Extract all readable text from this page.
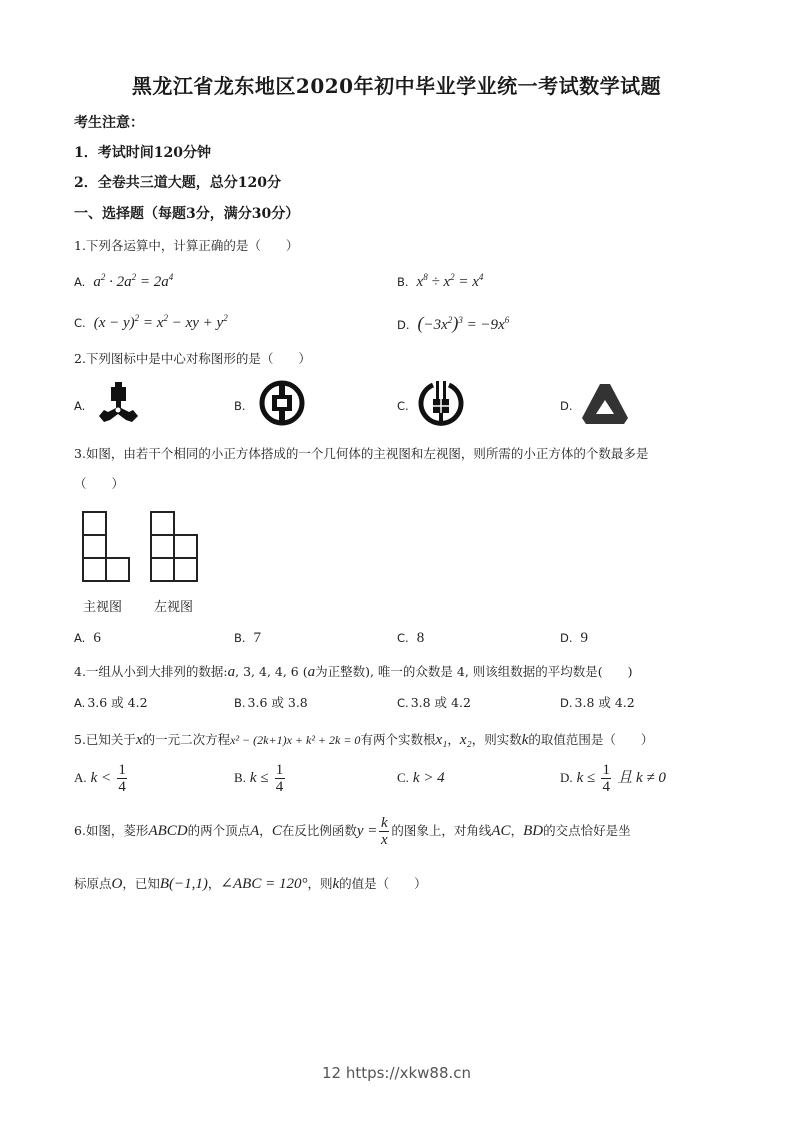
黑龙江省龙东地区2020年初中毕业学业统一考试数学试题
考生注意：
1．考试时间120分钟
2．全卷共三道大题，总分120分
一、选择题（每题3分，满分30分）
1.下列各运算中，计算正确的是（　　）
A. $a^2 \cdot 2a^2 = 2a^4$	B. $x^8 \div x^2 = x^4$
C. $(x - y)^2 = x^2$ − xy + $y^2$	D. $(-3x^2)^3 = -9x^6$
2.下列图标中是中心对称图形的是（　　）
A.	B.	C.	D.
3.如图，由若干个相同的小正方体搭成的一个几何体的主视图和左视图，则所需的小正方体的个数最多是
（　　）
主视图 左视图
A. 6	B. 7	C. 8	D. 9
4.一组从小到大排列的数据:a, 3, 4, 4, 6 (a为正整数), 唯一的众数是 4, 则该组数据的平均数是(　　)
A. 3.6 或 4.2	B. 3.6 或 3.8	C. 3.8 或 4.2	D. 3.8 或 4.2
5.已知关于x的一元二次方程x² − (2k+1)x + k² + 2k = 0有两个实数根x₁，x₂，则实数k的取值范围是（　　）
A. $k < \frac{1}{4}$	B. $k \le \frac{1}{4}$	C. k > 4	D. $k \le \frac{1}{4}$ 且 k ≠ 0
6.如图，菱形ABCD的两个顶点A，C在反比例函数$y = \frac{k}{x}$ 的图象上，对角线AC，BD的交点恰好是坐
标原点O，已知B(−1,1)，∠ABC = 120°，则k的值是（　　）
12 https://xkw88.cn
